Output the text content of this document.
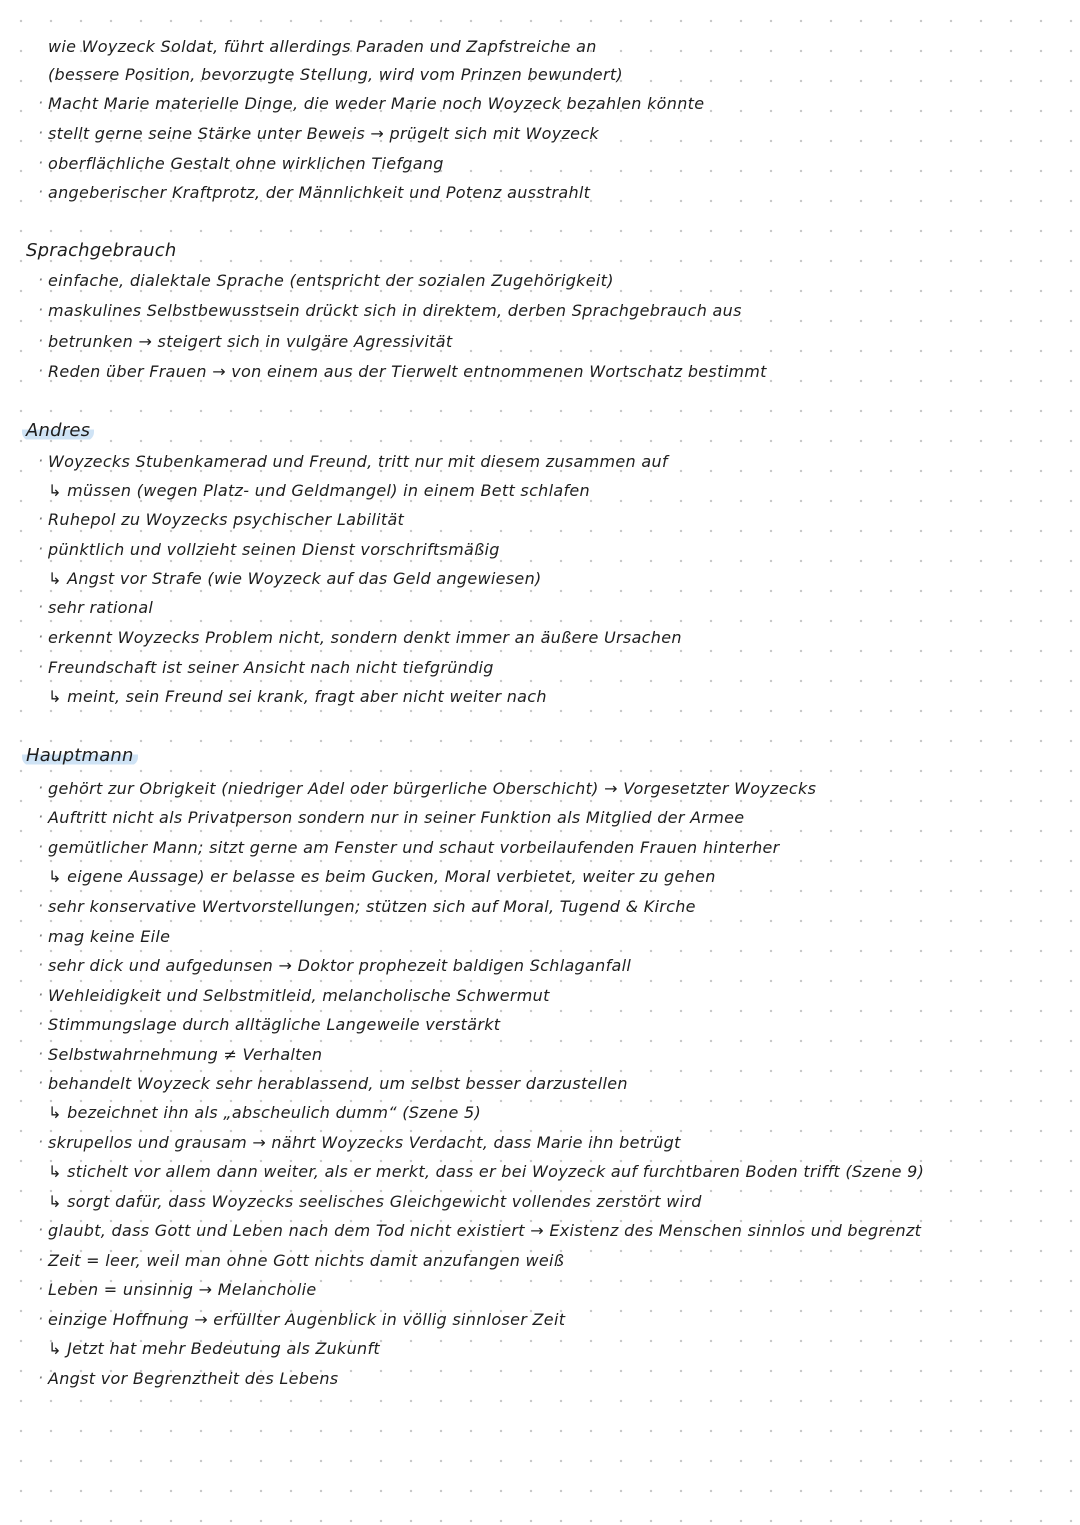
wie Woyzeck Soldat, führt allerdings Paraden und Zapfstreiche an
(bessere Position, bevorzugte Stellung, wird vom Prinzen bewundert)
· Macht Marie materielle Dinge, die weder Marie noch Woyzeck bezahlen könnte
· stellt gerne seine Stärke unter Beweis → prügelt sich mit Woyzeck
· oberflächliche Gestalt ohne wirklichen Tiefgang
· angeberischer Kraftprotz, der Männlichkeit und Potenz ausstrahlt
Sprachgebrauch
· einfache, dialektale Sprache (entspricht der sozialen Zugehörigkeit)
· maskulines Selbstbewusstsein drückt sich in direktem, derben Sprachgebrauch aus
· betrunken → steigert sich in vulgäre Agressivität
· Reden über Frauen → von einem aus der Tierwelt entnommenen Wortschatz bestimmt
Andres
· Woyzecks Stubenkamerad und Freund, tritt nur mit diesem zusammen auf
↳ müssen (wegen Platz- und Geldmangel) in einem Bett schlafen
· Ruhepol zu Woyzecks psychischer Labilität
· pünktlich und vollzieht seinen Dienst vorschriftsmäßig
↳ Angst vor Strafe (wie Woyzeck auf das Geld angewiesen)
· sehr rational
· erkennt Woyzecks Problem nicht, sondern denkt immer an äußere Ursachen
· Freundschaft ist seiner Ansicht nach nicht tiefgründig
↳ meint, sein Freund sei krank, fragt aber nicht weiter nach
Hauptmann
· gehört zur Obrigkeit (niedriger Adel oder bürgerliche Oberschicht) → Vorgesetzter Woyzecks
· Auftritt nicht als Privatperson sondern nur in seiner Funktion als Mitglied der Armee
· gemütlicher Mann; sitzt gerne am Fenster und schaut vorbeilaufenden Frauen hinterher
↳ eigene Aussage) er belasse es beim Gucken, Moral verbietet, weiter zu gehen
· sehr konservative Wertvorstellungen; stützen sich auf Moral, Tugend & Kirche
· mag keine Eile
· sehr dick und aufgedunsen → Doktor prophezeit baldigen Schlaganfall
· Wehleidigkeit und Selbstmitleid, melancholische Schwermut
· Stimmungslage durch alltägliche Langeweile verstärkt
· Selbstwahrnehmung ≠ Verhalten
· behandelt Woyzeck sehr herablassend, um selbst besser darzustellen
↳ bezeichnet ihn als „abscheulich dumm“ (Szene 5)
· skrupellos und grausam → nährt Woyzecks Verdacht, dass Marie ihn betrügt
↳ stichelt vor allem dann weiter, als er merkt, dass er bei Woyzeck auf furchtbaren Boden trifft (Szene 9)
↳ sorgt dafür, dass Woyzecks seelisches Gleichgewicht vollendes zerstört wird
· glaubt, dass Gott und Leben nach dem Tod nicht existiert → Existenz des Menschen sinnlos und begrenzt
· Zeit = leer, weil man ohne Gott nichts damit anzufangen weiß
· Leben = unsinnig → Melancholie
· einzige Hoffnung → erfüllter Augenblick in völlig sinnloser Zeit
↳ Jetzt hat mehr Bedeutung als Zukunft
· Angst vor Begrenztheit des Lebens
